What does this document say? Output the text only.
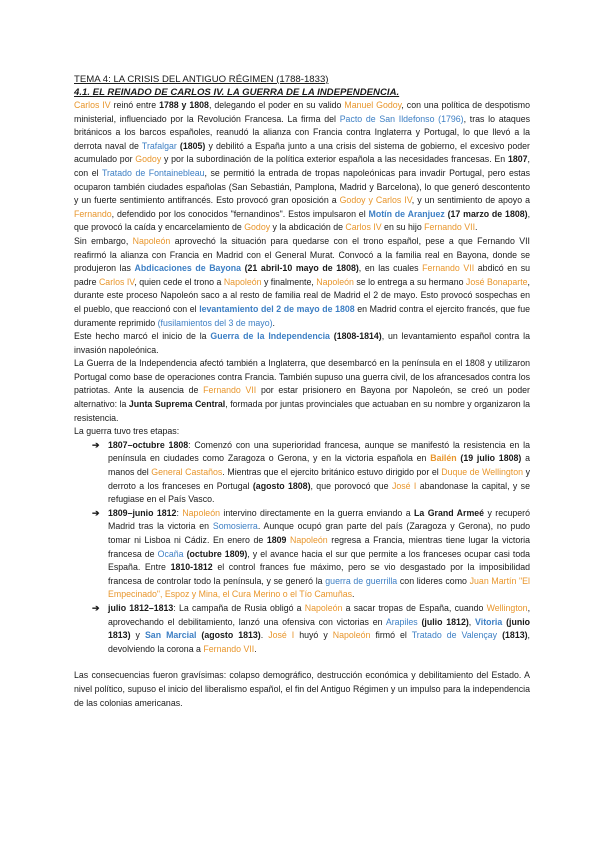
TEMA 4: LA CRISIS DEL ANTIGUO RÉGIMEN (1788-1833)
4.1. EL REINADO DE CARLOS IV. LA GUERRA DE LA INDEPENDENCIA.

Carlos IV reinó entre 1788 y 1808, delegando el poder en su valido Manuel Godoy, con una política de despotismo ministerial, influenciado por la Revolución Francesa. La firma del Pacto de San Ildefonso (1796), tras lo ataques británicos a los barcos españoles, reanudó la alianza con Francia contra Inglaterra y Portugal, lo que llevó a la derrota naval de Trafalgar (1805) y debilitó a España junto a una crisis del sistema de gobierno, el excesivo poder acumulado por Godoy y por la subordinación de la política exterior española a las necesidades francesas. En 1807, con el Tratado de Fontainebleau, se permitió la entrada de tropas napoleónicas para invadir Portugal, pero estas ocuparon también ciudades españolas (San Sebastián, Pamplona, Madrid y Barcelona), lo que generó descontento y un fuerte sentimiento antifrancés. Esto provocó gran oposición a Godoy y Carlos IV, y un sentimiento de apoyo a Fernando, defendido por los conocidos "fernandinos". Estos impulsaron el Motín de Aranjuez (17 marzo de 1808), que provocó la caída y encarcelamiento de Godoy y la abdicación de Carlos IV en su hijo Fernando VII.
Sin embargo, Napoleón aprovechó la situación para quedarse con el trono español, pese a que Fernando VII reafirmó la alianza con Francia en Madrid con el General Murat. Convocó a la familia real en Bayona, donde se produjeron las Abdicaciones de Bayona (21 abril-10 mayo de 1808), en las cuales Fernando VII abdicó en su padre Carlos IV, quien cede el trono a Napoleón y finalmente, Napoleón se lo entrega a su hermano José Bonaparte, durante este proceso Napoleón saco a al resto de familia real de Madrid el 2 de mayo. Esto provocó sospechas en el pueblo, que reaccionó con el levantamiento del 2 de mayo de 1808 en Madrid contra el ejercito francés, que fue duramente reprimido (fusilamientos del 3 de mayo).
Este hecho marcó el inicio de la Guerra de la Independencia (1808-1814), un levantamiento español contra la invasión napoleónica.

La Guerra de la Independencia afectó también a Inglaterra, que desembarcó en la península en el 1808 y utilizaron Portugal como base de operaciones contra Francia. También supuso una guerra civil, de los afrancesados contra los patriotas. Ante la ausencia de Fernando VII por estar prisionero en Bayona por Napoleón, se creó un poder alternativo: la Junta Suprema Central, formada por juntas provinciales que actuaban en su nombre y organizaron la resistencia.
La guerra tuvo tres etapas:

➔ 1807–octubre 1808: Comenzó con una superioridad francesa, aunque se manifestó la resistencia en la península en ciudades como Zaragoza o Gerona, y en la victoria española en Bailén (19 julio 1808) a manos del General Castaños. Mientras que el ejercito británico estuvo dirigido por el Duque de Wellington y derroto a los franceses en Portugal (agosto 1808), que porovocó que José I abandonase la capital, y se refugiase en el País Vasco.
➔ 1809–junio 1812: Napoleón intervino directamente en la guerra enviando a La Grand Armeé y recuperó Madrid tras la victoria en Somosierra. Aunque ocupó gran parte del país (Zaragoza y Gerona), no pudo tomar ni Lisboa ni Cádiz. En enero de 1809 Napoleón regresa a Francia, mientras tiene lugar la victoria francesa de Ocaña (octubre 1809), y el avance hacia el sur que permite a los franceses ocupar casi toda España. Entre 1810-1812 el control frances fue máximo, pero se vio desgastado por la imposibilidad francesa de controlar todo la península, y se generó la guerra de guerrilla con lideres como Juan Martín "El Empecinado", Espoz y Mina, el Cura Merino o el Tío Camuñas.
➔ julio 1812–1813: La campaña de Rusia obligó a Napoleón a sacar tropas de España, cuando Wellington, aprovechando el debilitamiento, lanzó una ofensiva con victorias en Arapiles (julio 1812), Vitoria (junio 1813) y San Marcial (agosto 1813). José I huyó y Napoleón firmó el Tratado de Valençay (1813), devolviendo la corona a Fernando VII.

Las consecuencias fueron gravísimas: colapso demográfico, destrucción económica y debilitamiento del Estado. A nivel político, supuso el inicio del liberalismo español, el fin del Antiguo Régimen y un impulso para la independencia de las colonias americanas.
